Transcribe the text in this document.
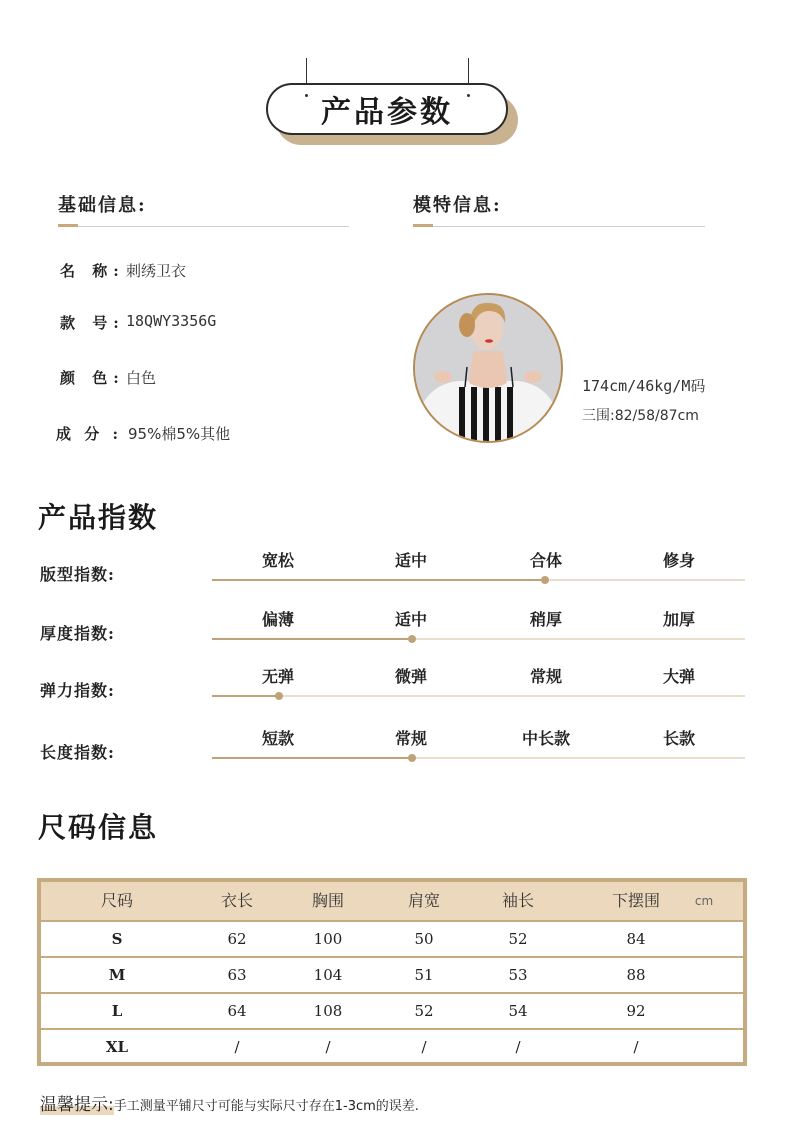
产品参数
基础信息:
名 称: 刺绣卫衣
款 号: 18QWY3356G
颜 色: 白色
成 分 : 95%棉5%其他
模特信息:
174cm/46kg/M码
三围:82/58/87cm
产品指数
版型指数:
宽松	适中	合体	修身
厚度指数:
偏薄	适中	稍厚	加厚
弹力指数:
无弹	微弹	常规	大弹
长度指数:
短款	常规	中长款	长款
尺码信息
尺码	衣长	胸围	肩宽	袖长	下摆围	cm
S	62	100	50	52	84
M	63	104	51	53	88
L	64	108	52	54	92
XL	/	/	/	/	/
温馨提示:手工测量平铺尺寸可能与实际尺寸存在1-3cm的误差.
